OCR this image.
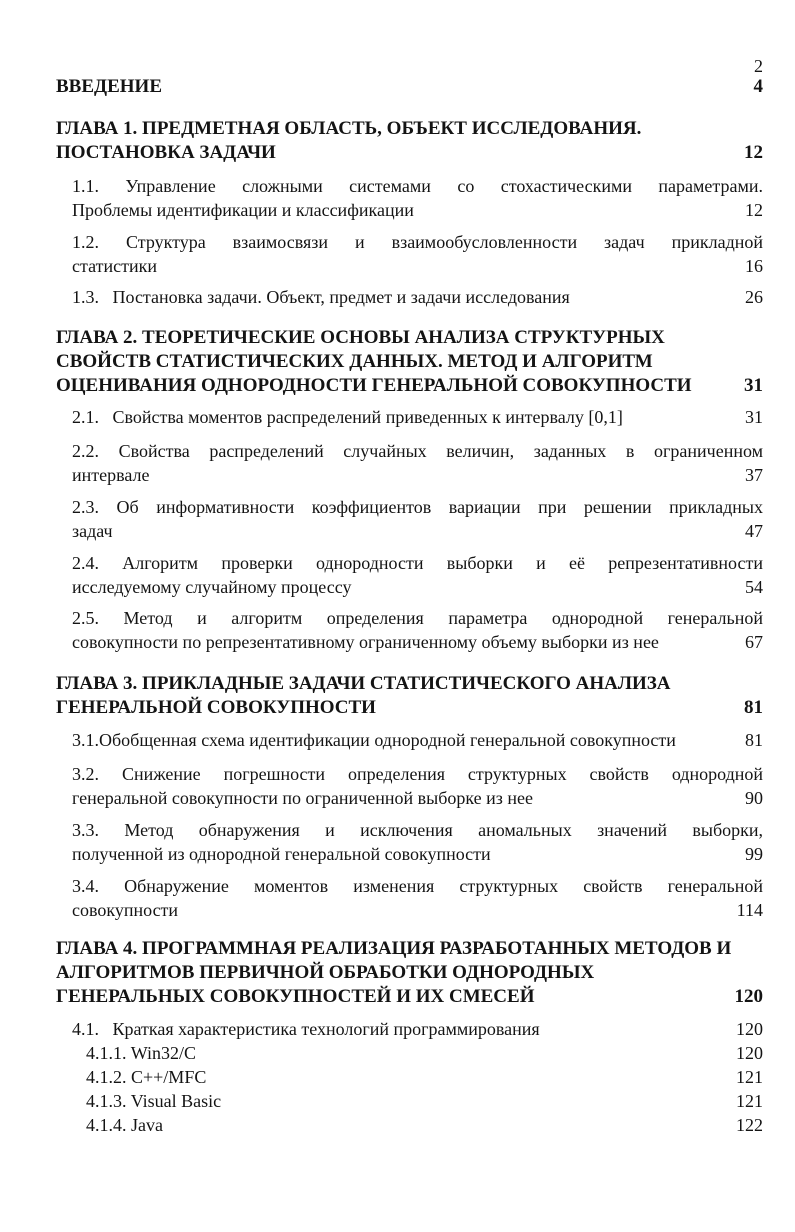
2
ВВЕДЕНИЕ	4
ГЛАВА 1. ПРЕДМЕТНАЯ ОБЛАСТЬ, ОБЪЕКТ ИССЛЕДОВАНИЯ.
ПОСТАНОВКА ЗАДАЧИ	12
1.1. Управление сложными системами со стохастическими параметрами.
Проблемы идентификации и классификации	12
1.2. Структура взаимосвязи и взаимообусловленности задач прикладной
статистики	16
1.3. Постановка задачи. Объект, предмет и задачи исследования	26
ГЛАВА 2. ТЕОРЕТИЧЕСКИЕ ОСНОВЫ АНАЛИЗА СТРУКТУРНЫХ
СВОЙСТВ СТАТИСТИЧЕСКИХ ДАННЫХ. МЕТОД И АЛГОРИТМ
ОЦЕНИВАНИЯ ОДНОРОДНОСТИ ГЕНЕРАЛЬНОЙ СОВОКУПНОСТИ	31
2.1. Свойства моментов распределений приведенных к интервалу [0,1]	31
2.2. Свойства распределений случайных величин, заданных в ограниченном
интервале	37
2.3. Об информативности коэффициентов вариации при решении прикладных
задач	47
2.4. Алгоритм проверки однородности выборки и её репрезентативности
исследуемому случайному процессу	54
2.5. Метод и алгоритм определения параметра однородной генеральной
совокупности по репрезентативному ограниченному объему выборки из нее	67
ГЛАВА 3. ПРИКЛАДНЫЕ ЗАДАЧИ СТАТИСТИЧЕСКОГО АНАЛИЗА
ГЕНЕРАЛЬНОЙ СОВОКУПНОСТИ	81
3.1.Обобщенная схема идентификации однородной генеральной совокупности	81
3.2. Снижение погрешности определения структурных свойств однородной
генеральной совокупности по ограниченной выборке из нее	90
3.3. Метод обнаружения и исключения аномальных значений выборки,
полученной из однородной генеральной совокупности	99
3.4. Обнаружение моментов изменения структурных свойств генеральной
совокупности	114
ГЛАВА 4. ПРОГРАММНАЯ РЕАЛИЗАЦИЯ РАЗРАБОТАННЫХ МЕТОДОВ И
АЛГОРИТМОВ ПЕРВИЧНОЙ ОБРАБОТКИ ОДНОРОДНЫХ
ГЕНЕРАЛЬНЫХ СОВОКУПНОСТЕЙ И ИХ СМЕСЕЙ	120
4.1. Краткая характеристика технологий программирования	120
4.1.1. Win32/C	120
4.1.2. C++/MFC	121
4.1.3. Visual Basic	121
4.1.4. Java	122
